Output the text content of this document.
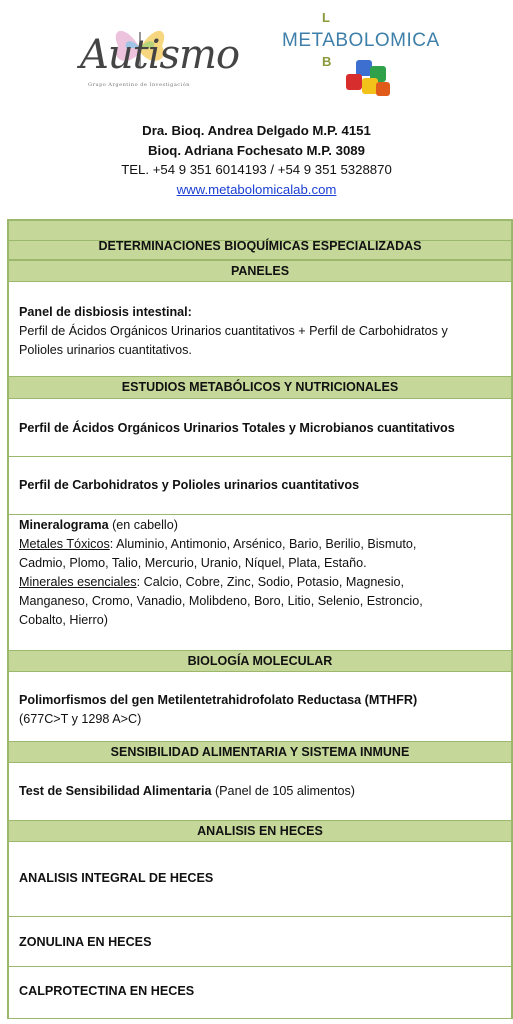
Autismo
Grupo Argentino de Investigación
L
METABOLOMICA
B
Dra. Bioq. Andrea Delgado M.P. 4151
Bioq. Adriana Fochesato M.P. 3089
TEL. +54 9 351 6014193 / +54 9 351 5328870
www.metabolomicalab.com
DETERMINACIONES BIOQUÍMICAS ESPECIALIZADAS
PANELES
Panel de disbiosis intestinal:
Perfil de Ácidos Orgánicos Urinarios cuantitativos + Perfil de Carbohidratos y
Polioles urinarios cuantitativos.
ESTUDIOS METABÓLICOS Y NUTRICIONALES
Perfil de Ácidos Orgánicos Urinarios Totales y Microbianos cuantitativos
Perfil de Carbohidratos y Polioles urinarios cuantitativos
Mineralograma (en cabello)
Metales Tóxicos: Aluminio, Antimonio, Arsénico, Bario, Berilio, Bismuto,
Cadmio, Plomo, Talio, Mercurio, Uranio, Níquel, Plata, Estaño.
Minerales esenciales: Calcio, Cobre, Zinc, Sodio, Potasio, Magnesio,
Manganeso, Cromo, Vanadio, Molibdeno, Boro, Litio, Selenio, Estroncio,
Cobalto, Hierro)
BIOLOGÍA MOLECULAR
Polimorfismos del gen Metilentetrahidrofolato Reductasa (MTHFR)
(677C>T y 1298 A>C)
SENSIBILIDAD ALIMENTARIA Y SISTEMA INMUNE
Test de Sensibilidad Alimentaria (Panel de 105 alimentos)
ANALISIS EN HECES
ANALISIS INTEGRAL DE HECES
ZONULINA EN HECES
CALPROTECTINA EN HECES
